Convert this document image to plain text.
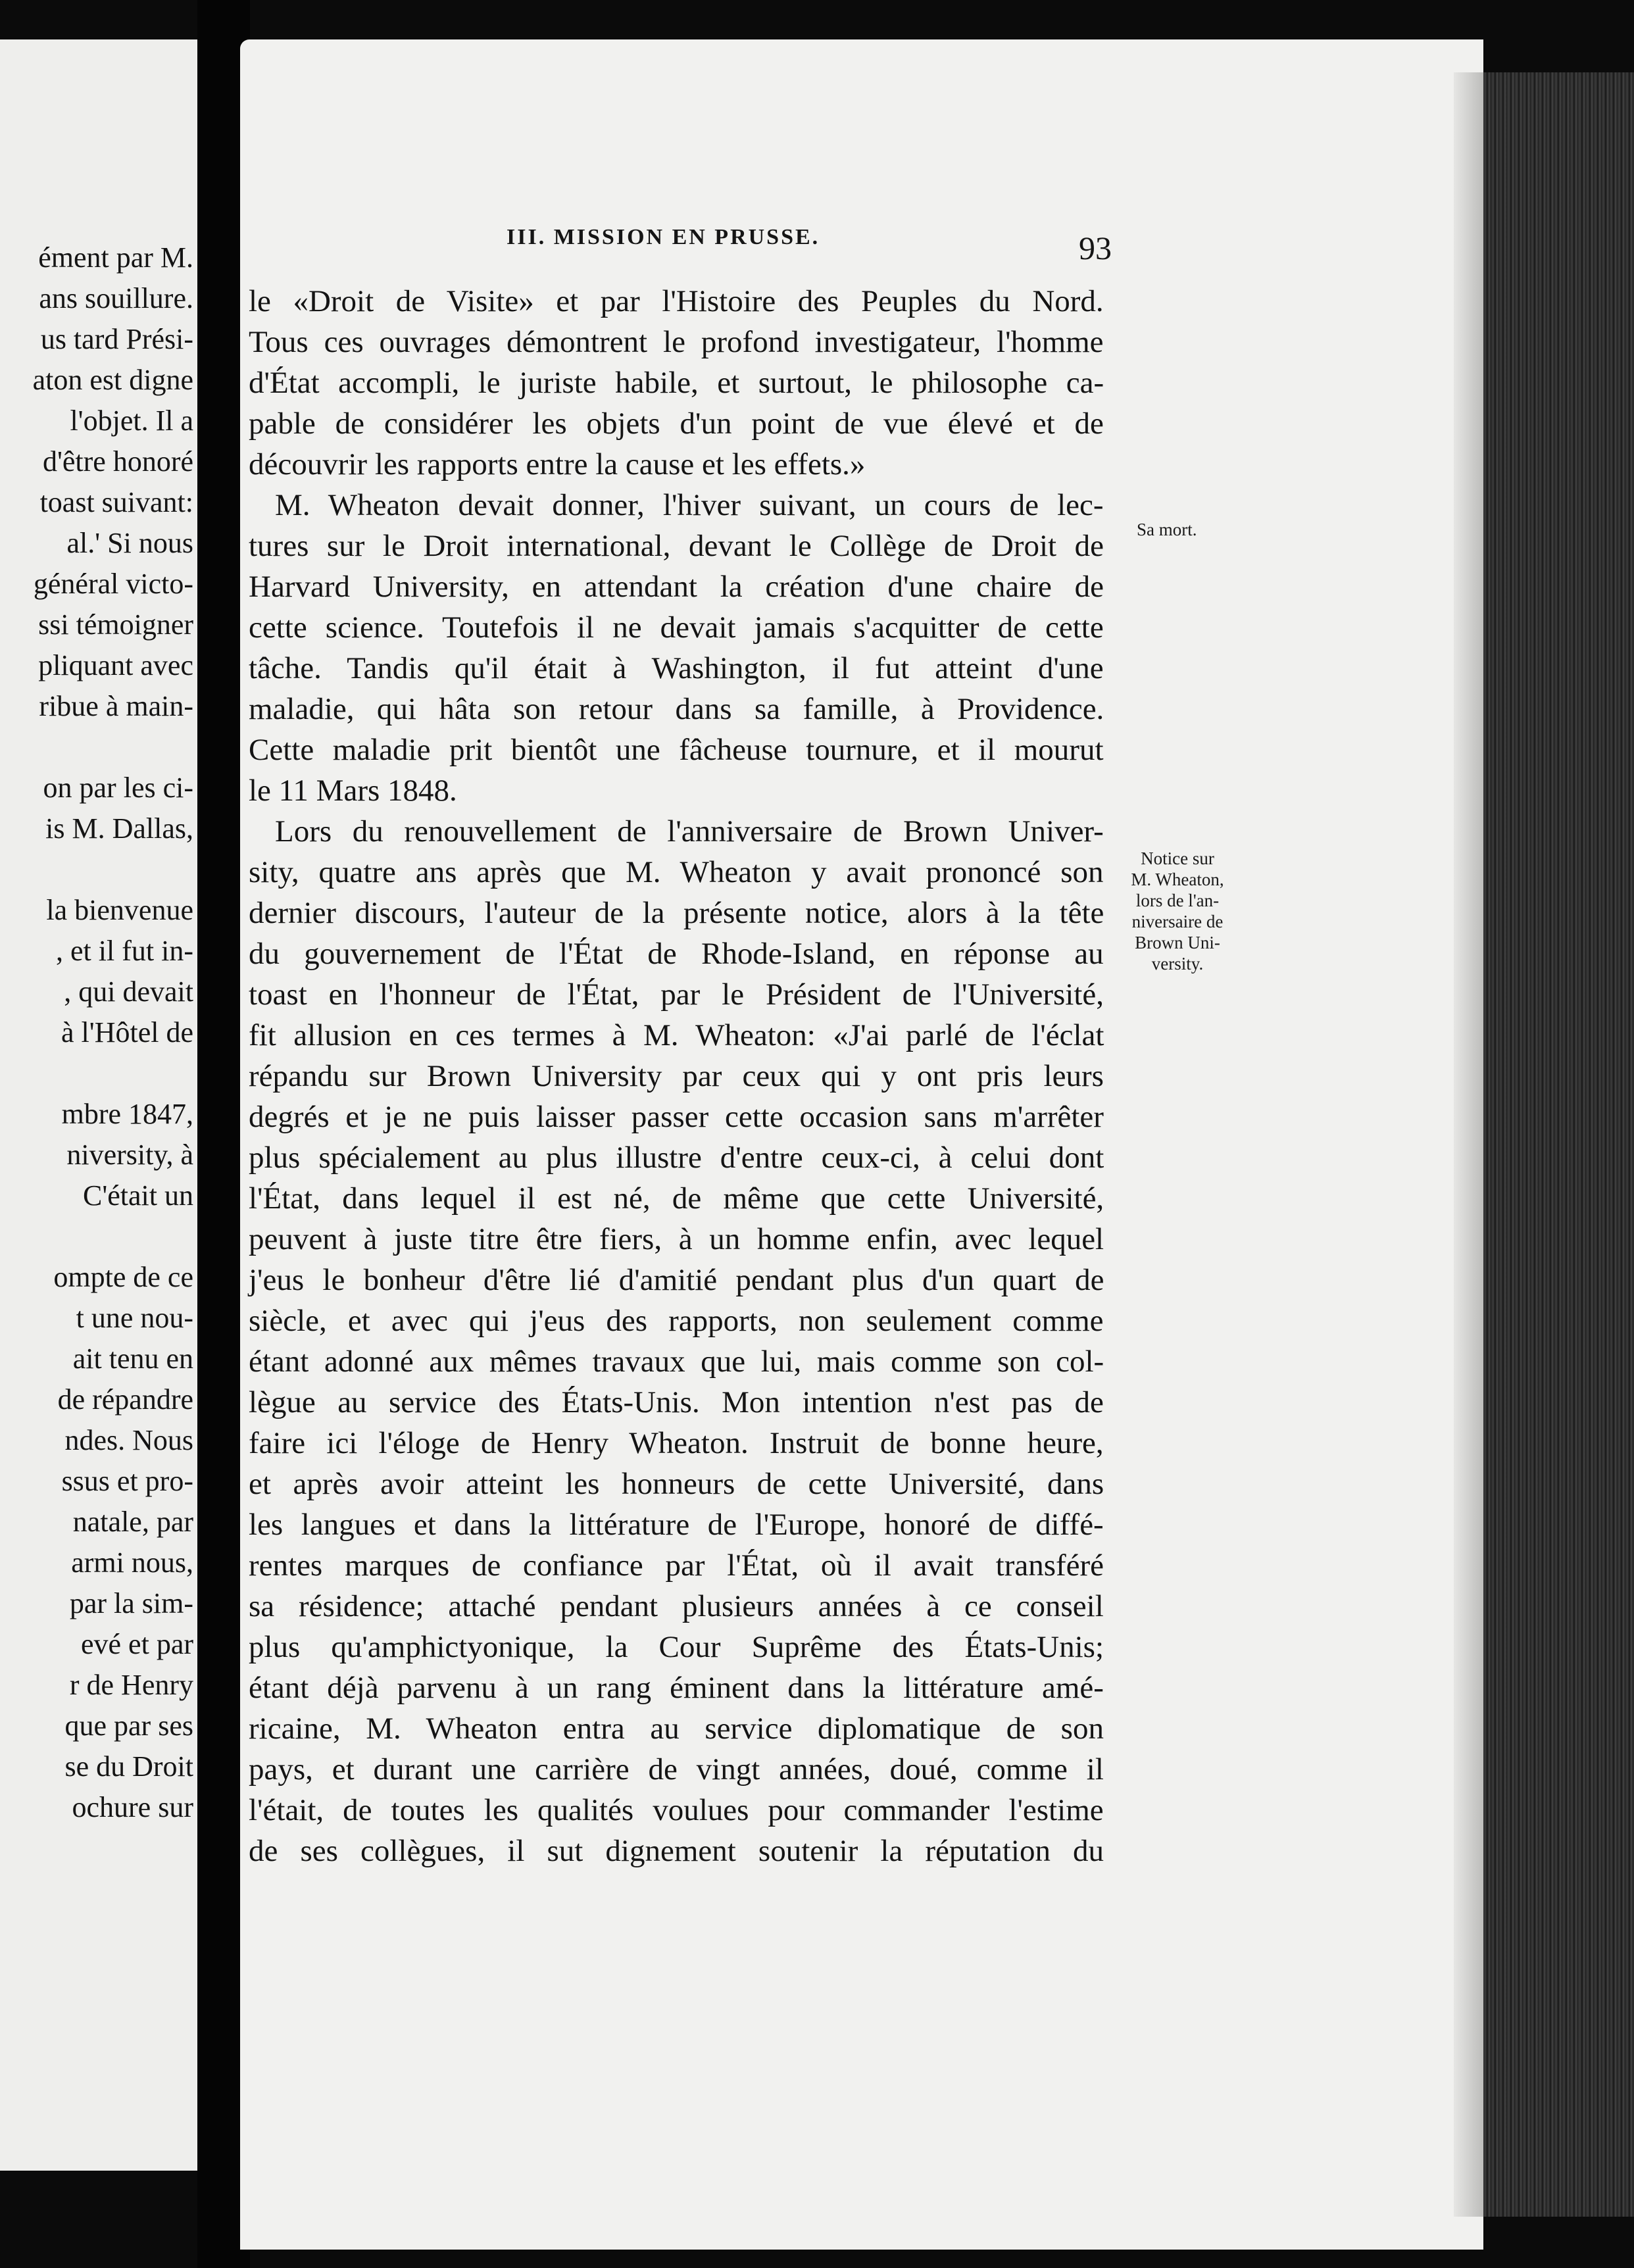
ément par M.
ans souillure.
us tard Prési-
aton est digne
l'objet. Il a
d'être honoré
toast suivant:
al.' Si nous
général victo-
ssi témoigner
pliquant avec
ribue à main-
on par les ci-
is M. Dallas,
la bienvenue
, et il fut in-
, qui devait
à l'Hôtel de
mbre 1847,
niversity, à
C'était un
ompte de ce
t une nou-
ait tenu en
de répandre
ndes. Nous
ssus et pro-
natale, par
armi nous,
par la sim-
evé et par
r de Henry
que par ses
se du Droit
ochure sur
III. MISSION EN PRUSSE.	93
le «Droit de Visite» et par l'Histoire des Peuples du Nord.
Tous ces ouvrages démontrent le profond investigateur, l'homme
d'État accompli, le juriste habile, et surtout, le philosophe ca-
pable de considérer les objets d'un point de vue élevé et de
découvrir les rapports entre la cause et les effets.»
M. Wheaton devait donner, l'hiver suivant, un cours de lec-
tures sur le Droit international, devant le Collège de Droit de
Harvard University, en attendant la création d'une chaire de
cette science. Toutefois il ne devait jamais s'acquitter de cette
tâche. Tandis qu'il était à Washington, il fut atteint d'une
maladie, qui hâta son retour dans sa famille, à Providence.
Cette maladie prit bientôt une fâcheuse tournure, et il mourut
le 11 Mars 1848.
Lors du renouvellement de l'anniversaire de Brown Univer-
sity, quatre ans après que M. Wheaton y avait prononcé son
dernier discours, l'auteur de la présente notice, alors à la tête
du gouvernement de l'État de Rhode-Island, en réponse au
toast en l'honneur de l'État, par le Président de l'Université,
fit allusion en ces termes à M. Wheaton: «J'ai parlé de l'éclat
répandu sur Brown University par ceux qui y ont pris leurs
degrés et je ne puis laisser passer cette occasion sans m'arrêter
plus spécialement au plus illustre d'entre ceux-ci, à celui dont
l'État, dans lequel il est né, de même que cette Université,
peuvent à juste titre être fiers, à un homme enfin, avec lequel
j'eus le bonheur d'être lié d'amitié pendant plus d'un quart de
siècle, et avec qui j'eus des rapports, non seulement comme
étant adonné aux mêmes travaux que lui, mais comme son col-
lègue au service des États-Unis. Mon intention n'est pas de
faire ici l'éloge de Henry Wheaton. Instruit de bonne heure,
et après avoir atteint les honneurs de cette Université, dans
les langues et dans la littérature de l'Europe, honoré de diffé-
rentes marques de confiance par l'État, où il avait transféré
sa résidence; attaché pendant plusieurs années à ce conseil
plus qu'amphictyonique, la Cour Suprême des États-Unis;
étant déjà parvenu à un rang éminent dans la littérature amé-
ricaine, M. Wheaton entra au service diplomatique de son
pays, et durant une carrière de vingt années, doué, comme il
l'était, de toutes les qualités voulues pour commander l'estime
de ses collègues, il sut dignement soutenir la réputation du
Sa mort.
Notice sur
M. Wheaton,
lors de l'an-
niversaire de
Brown Uni-
versity.
